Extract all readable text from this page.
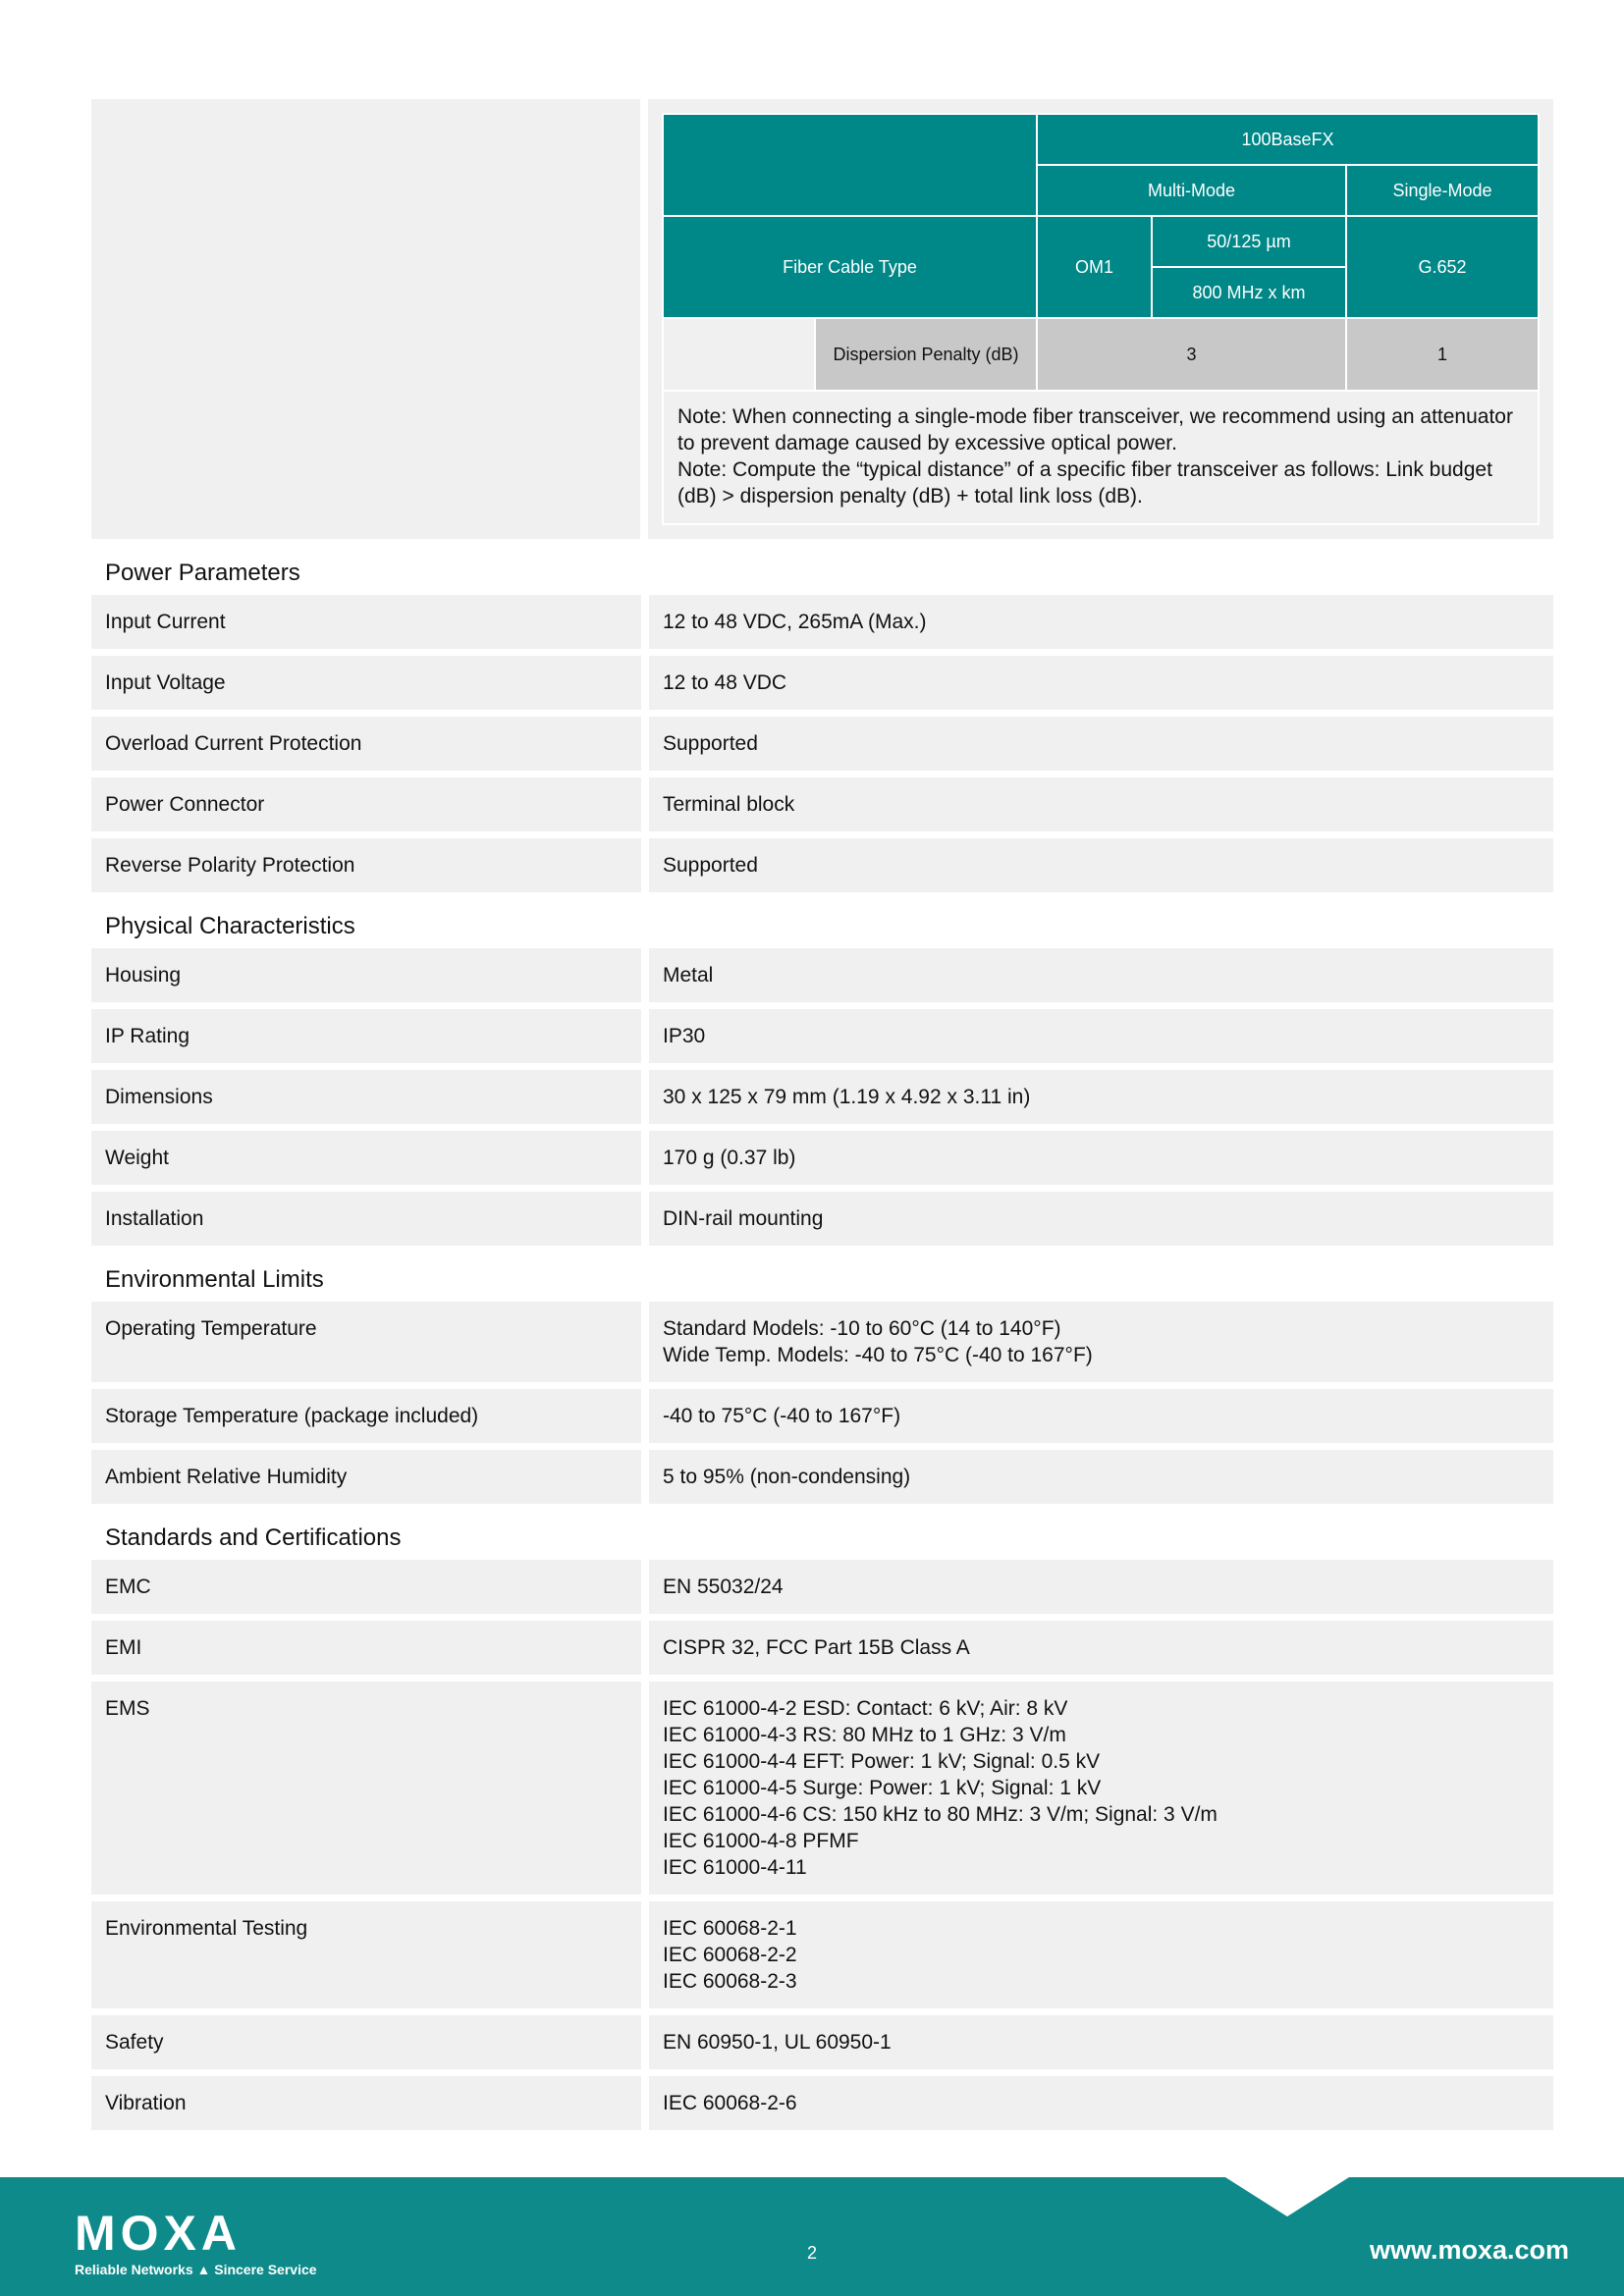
		100BaseFX		
		Multi-Mode		Single-Mode
Fiber Cable Type		OM1	50/125 µm	G.652
			800 MHz x km	
	Dispersion Penalty (dB)	3		1
Note: When connecting a single-mode fiber transceiver, we recommend using an attenuator to prevent damage caused by excessive optical power.
Note: Compute the “typical distance” of a specific fiber transceiver as follows: Link budget (dB) > dispersion penalty (dB) + total link loss (dB).
Power Parameters
Input Current	12 to 48 VDC, 265mA (Max.)
Input Voltage	12 to 48 VDC
Overload Current Protection	Supported
Power Connector	Terminal block
Reverse Polarity Protection	Supported
Physical Characteristics
Housing	Metal
IP Rating	IP30
Dimensions	30 x 125 x 79 mm (1.19 x 4.92 x 3.11 in)
Weight	170 g (0.37 lb)
Installation	DIN-rail mounting
Environmental Limits
Operating Temperature	Standard Models: -10 to 60°C (14 to 140°F)
Wide Temp. Models: -40 to 75°C (-40 to 167°F)
Storage Temperature (package included)	-40 to 75°C (-40 to 167°F)
Ambient Relative Humidity	5 to 95% (non-condensing)
Standards and Certifications
EMC	EN 55032/24
EMI	CISPR 32, FCC Part 15B Class A
EMS	IEC 61000-4-2 ESD: Contact: 6 kV; Air: 8 kV
IEC 61000-4-3 RS: 80 MHz to 1 GHz: 3 V/m
IEC 61000-4-4 EFT: Power: 1 kV; Signal: 0.5 kV
IEC 61000-4-5 Surge: Power: 1 kV; Signal: 1 kV
IEC 61000-4-6 CS: 150 kHz to 80 MHz: 3 V/m; Signal: 3 V/m
IEC 61000-4-8 PFMF
IEC 61000-4-11
Environmental Testing	IEC 60068-2-1
IEC 60068-2-2
IEC 60068-2-3
Safety	EN 60950-1, UL 60950-1
Vibration	IEC 60068-2-6
MOXA
Reliable Networks ▲ Sincere Service
2	www.moxa.com
